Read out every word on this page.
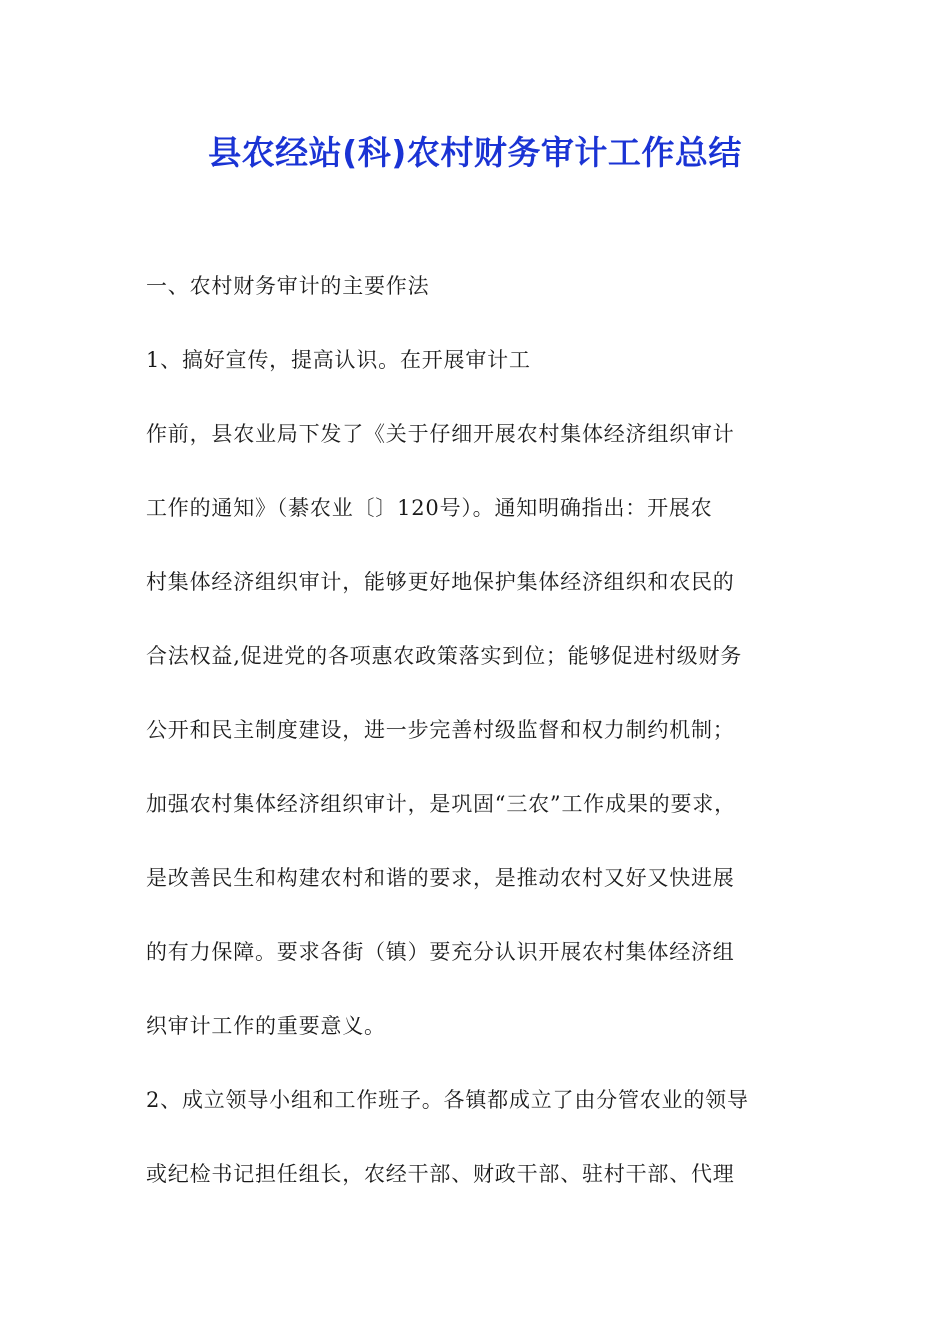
县农经站(科)农村财务审计工作总结
一、农村财务审计的主要作法
1、搞好宣传，提高认识。在开展审计工
作前，县农业局下发了《关于仔细开展农村集体经济组织审计
工作的通知》（綦农业〔〕120号）。通知明确指出：开展农
村集体经济组织审计，能够更好地保护集体经济组织和农民的
合法权益,促进党的各项惠农政策落实到位；能够促进村级财务
公开和民主制度建设，进一步完善村级监督和权力制约机制；
加强农村集体经济组织审计，是巩固“三农”工作成果的要求，
是改善民生和构建农村和谐的要求，是推动农村又好又快进展
的有力保障。要求各街（镇）要充分认识开展农村集体经济组
织审计工作的重要意义。
2、成立领导小组和工作班子。各镇都成立了由分管农业的领导
或纪检书记担任组长，农经干部、财政干部、驻村干部、代理
